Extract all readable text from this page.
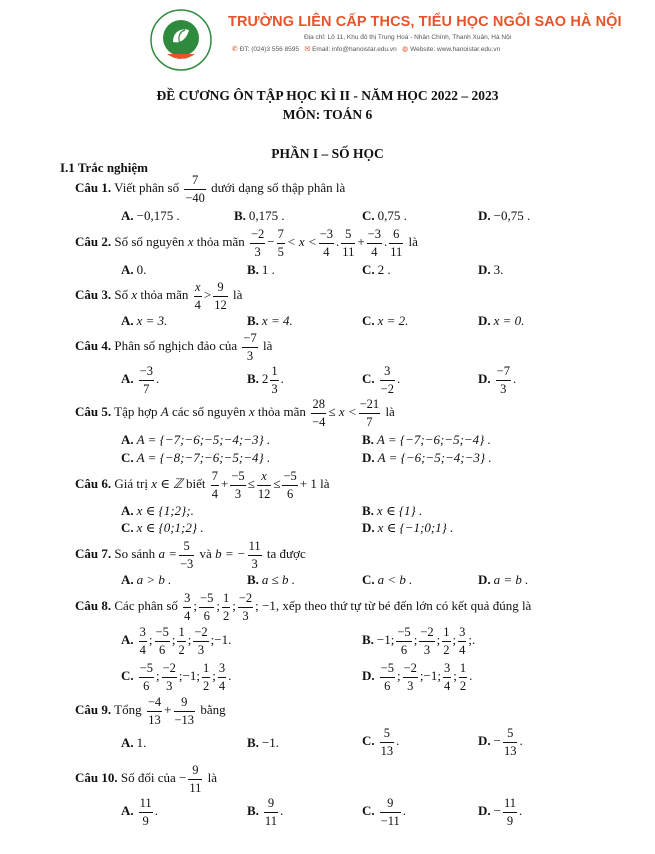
★★★
TRƯỜNG LIÊN CẤP THCS, TIỂU HỌC NGÔI SAO HÀ NỘI
Địa chỉ: Lô 11, Khu đô thị Trung Hoà - Nhân Chính, Thanh Xuân, Hà Nội
✆ ĐT: (024)3 556 8595 ✉ Email: info@hanoistar.edu.vn ◍ Website: www.hanoistar.edu.vn
ĐỀ CƯƠNG ÔN TẬP HỌC KÌ II - NĂM HỌC 2022 – 2023
MÔN: TOÁN 6
PHẦN I – SỐ HỌC
I.1 Trắc nghiệm
Câu 1. Viết phân số $\frac{7}{-40}$ dưới dạng số thập phân là
A. −0,175 .	B. 0,175 .	C. 0,75 .	D. −0,75 .
Câu 2. Số số nguyên x thỏa mãn $\frac{-2}{3} - \frac{7}{5} < x < \frac{-3}{4}$ . $\frac{5}{11} + \frac{-3}{4}$ . $\frac{6}{11}$ là
A. 0.	B. 1 .	C. 2 .	D. 3.
Câu 3. Số x thỏa mãn $\frac{x}{4} > \frac{9}{12}$ là
A. x = 3.	B. x = 4.	C. x = 2.	D. x = 0.
Câu 4. Phân số nghịch đảo của $\frac{-7}{3}$ là
A. $\frac{-3}{7}$ .	B. $2 \frac{1}{3}$ .	C. $\frac{3}{-2}$ .	D. $\frac{-7}{3}$ .
Câu 5. Tập hợp A các số nguyên x thỏa mãn $\frac{28}{-4} \le x < \frac{-21}{7}$ là
A. A = {−7;−6;−5;−4;−3} .	B. A = {−7;−6;−5;−4} .
C. A = {−8;−7;−6;−5;−4} .	D. A = {−6;−5;−4;−3} .
Câu 6. Giá trị x ∈ ℤ biết $\frac{7}{4} + \frac{-5}{3} \le \frac{x}{12} \le \frac{-5}{6} + 1$ là
A. x ∈ {1;2};.	B. x ∈ {1} .
C. x ∈ {0;1;2} .	D. x ∈ {−1;0;1} .
Câu 7. So sánh $a = \frac{5}{-3}$ và b = − $\frac{11}{3}$ ta được
A. a > b .	B. a ≤ b .	C. a < b .	D. a = b .
Câu 8. Các phân số $\frac{3}{4}$ ; $\frac{-5}{6}$ ; $\frac{1}{2}$ ; $\frac{-2}{3}$ ; −1, xếp theo thứ tự từ bé đến lớn có kết quả đúng là
A. $\frac{3}{4}$ ; $\frac{-5}{6}$ ; $\frac{1}{2}$ ; $\frac{-2}{3}$ ;−1.	B. −1; $\frac{-5}{6}$ ; $\frac{-2}{3}$ ; $\frac{1}{2}$ ; $\frac{3}{4}$ ;.
C. $\frac{-5}{6}$ ; $\frac{-2}{3}$ ;−1; $\frac{1}{2}$ ; $\frac{3}{4}$ .	D. $\frac{-5}{6}$ ; $\frac{-2}{3}$ ;−1; $\frac{3}{4}$ ; $\frac{1}{2}$ .
Câu 9. Tổng $\frac{-4}{13} + \frac{9}{-13}$ bằng
A. 1.	B. −1.	C. $\frac{5}{13}$ .	D. − $\frac{5}{13}$ .
Câu 10. Số đối của − $\frac{9}{11}$ là
A. $\frac{11}{9}$ .	B. $\frac{9}{11}$ .	C. $\frac{9}{-11}$ .	D. − $\frac{11}{9}$ .
